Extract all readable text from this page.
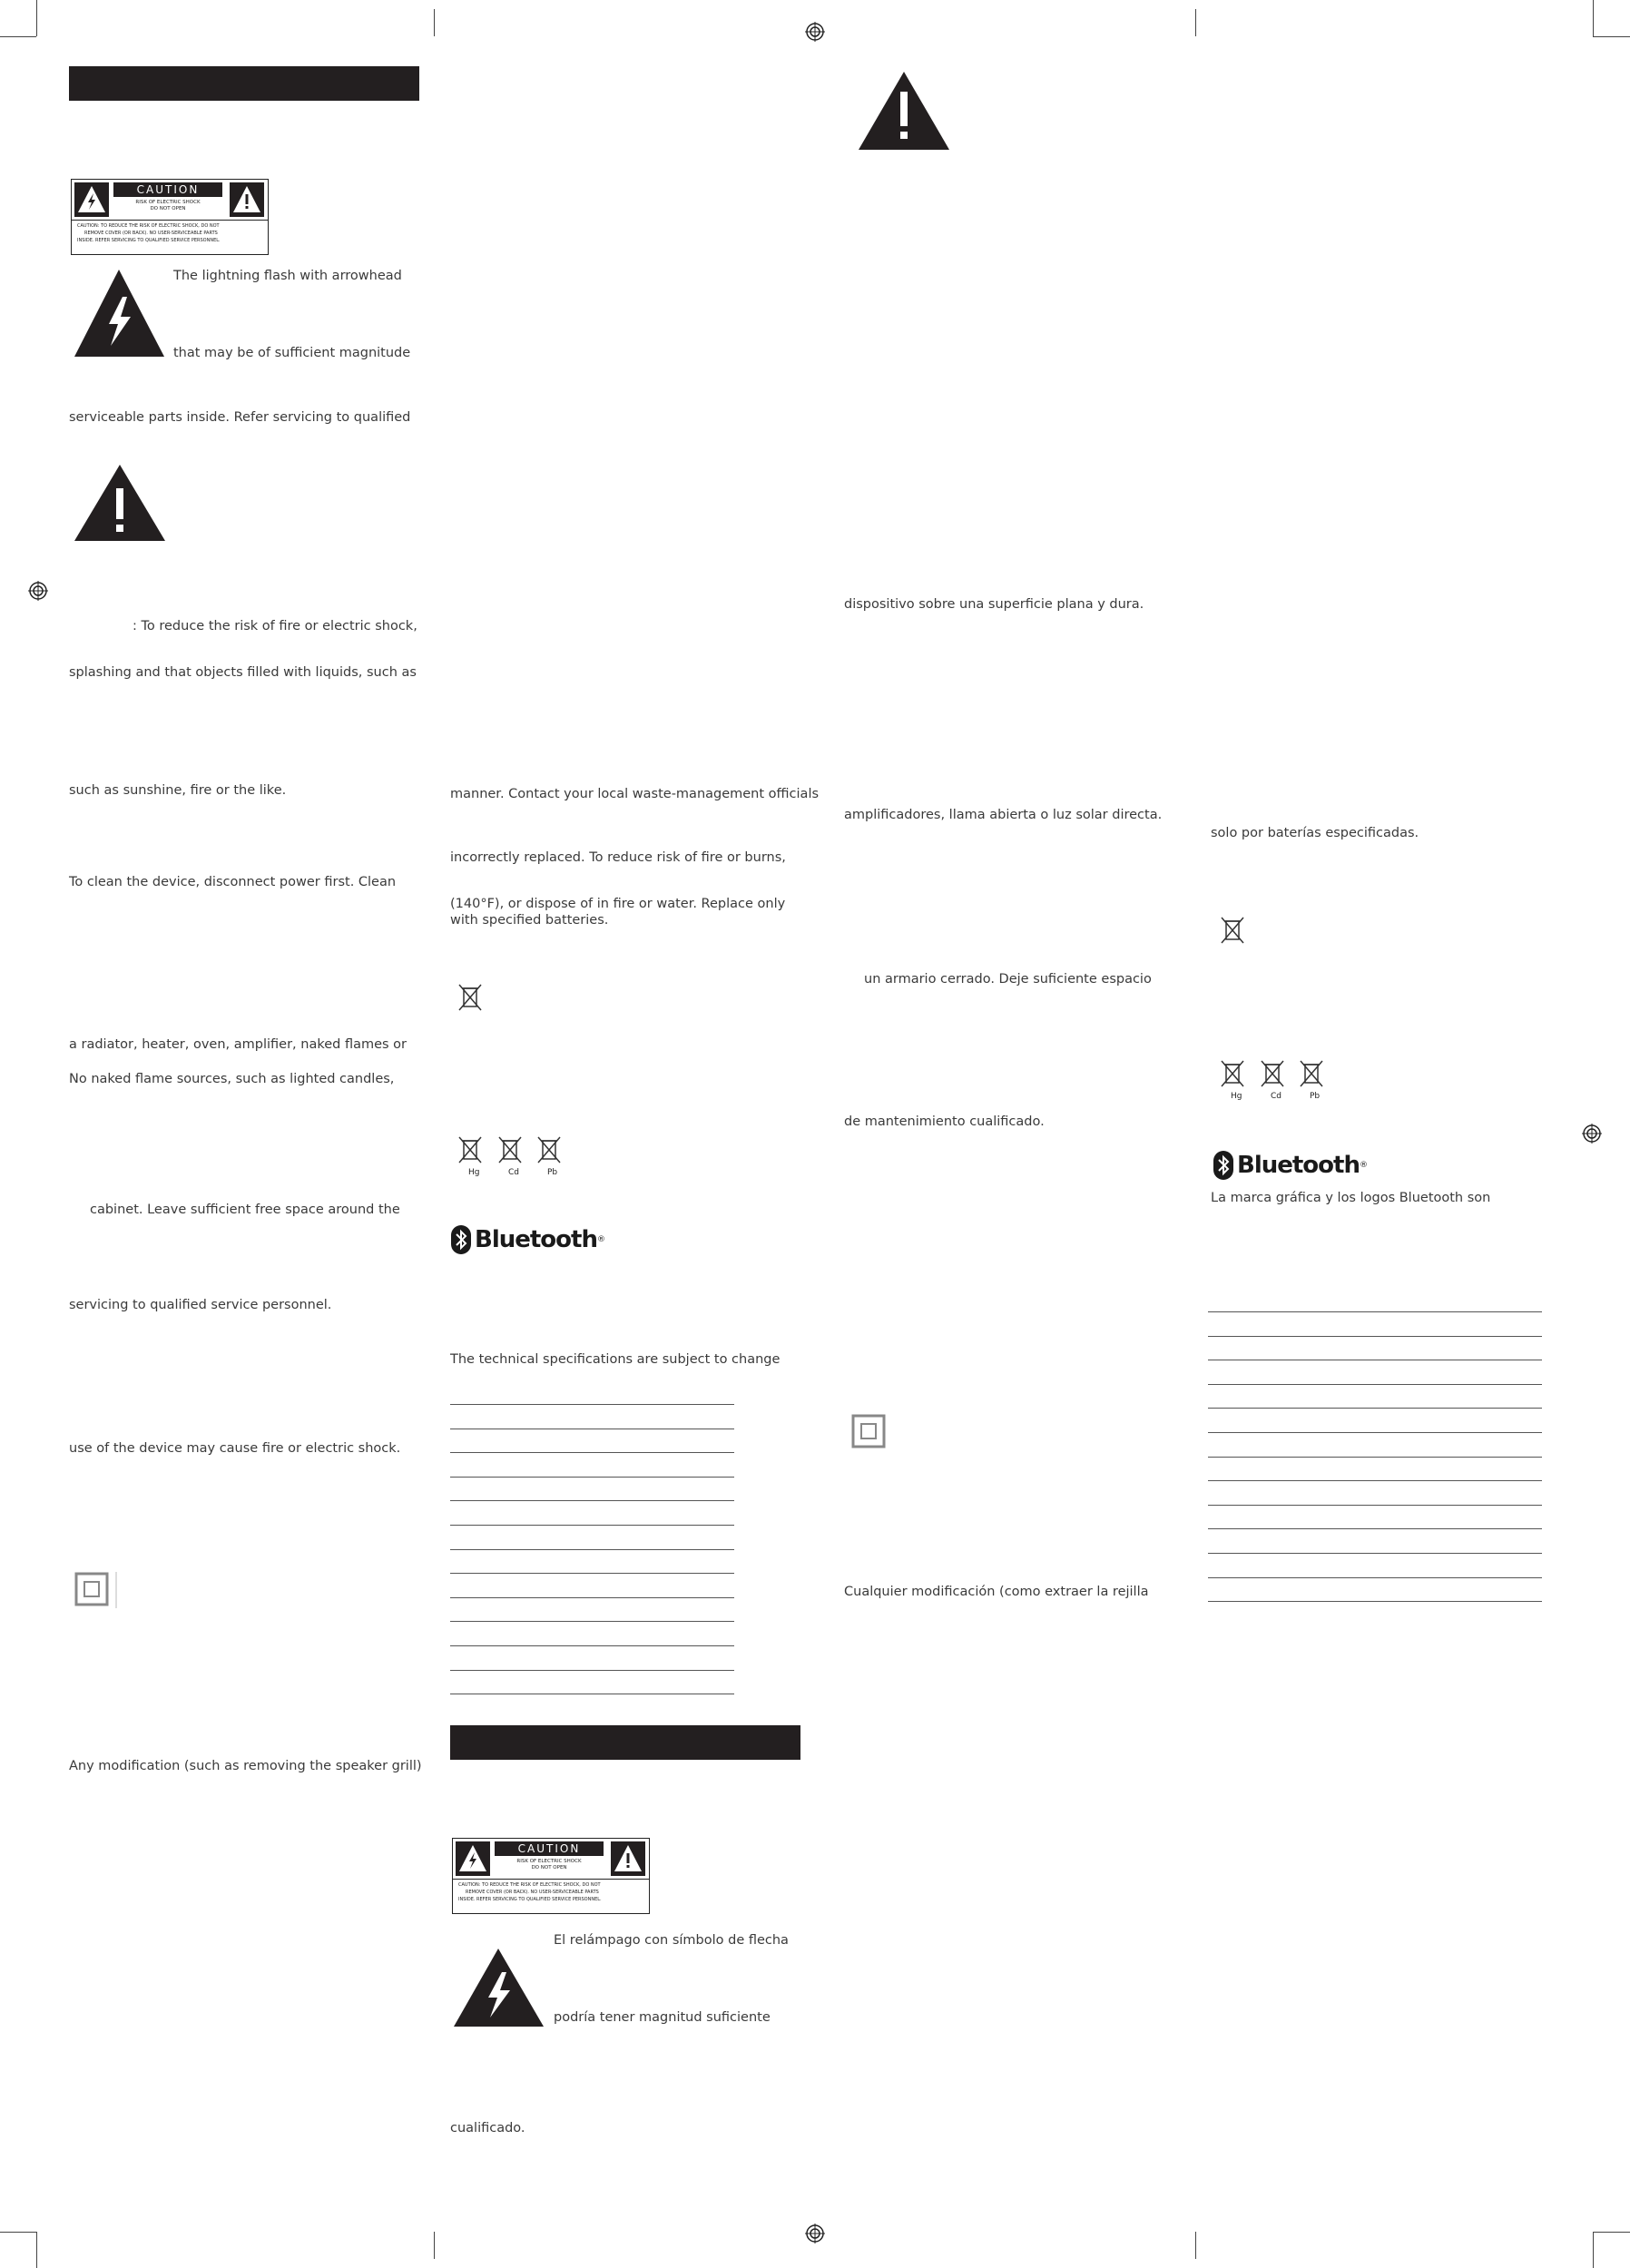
CAUTION
RISK OF ELECTRIC SHOCK
DO NOT OPEN
CAUTION: TO REDUCE THE RISK OF ELECTRIC SHOCK, DO NOT
REMOVE COVER (OR BACK). NO USER-SERVICEABLE PARTS
INSIDE. REFER SERVICING TO QUALIFIED SERVICE PERSONNEL.
The lightning flash with arrowhead
that may be of sufficient magnitude
serviceable parts inside. Refer servicing to qualified
: To reduce the risk of fire or electric shock,
splashing and that objects filled with liquids, such as
such as sunshine, fire or the like.
To clean the device, disconnect power first. Clean
a radiator, heater, oven, amplifier, naked flames or
No naked flame sources, such as lighted candles,
cabinet. Leave sufficient free space around the
servicing to qualified service personnel.
use of the device may cause fire or electric shock.
Any modification (such as removing the speaker grill)
manner. Contact your local waste-management officials
incorrectly replaced. To reduce risk of fire or burns,
(140°F), or dispose of in fire or water. Replace only
with specified batteries.
Hg	Cd	Pb
Bluetooth ®
The technical specifications are subject to change
CAUTION
RISK OF ELECTRIC SHOCK
DO NOT OPEN
CAUTION: TO REDUCE THE RISK OF ELECTRIC SHOCK, DO NOT
REMOVE COVER (OR BACK). NO USER-SERVICEABLE PARTS
INSIDE. REFER SERVICING TO QUALIFIED SERVICE PERSONNEL.
El relámpago con símbolo de flecha
podría tener magnitud suficiente
cualificado.
dispositivo sobre una superficie plana y dura.
amplificadores, llama abierta o luz solar directa.
un armario cerrado. Deje suficiente espacio
de mantenimiento cualificado.
Cualquier modificación (como extraer la rejilla
solo por baterías especificadas.
Hg	Cd	Pb
Bluetooth ®
La marca gráfica y los logos Bluetooth son
